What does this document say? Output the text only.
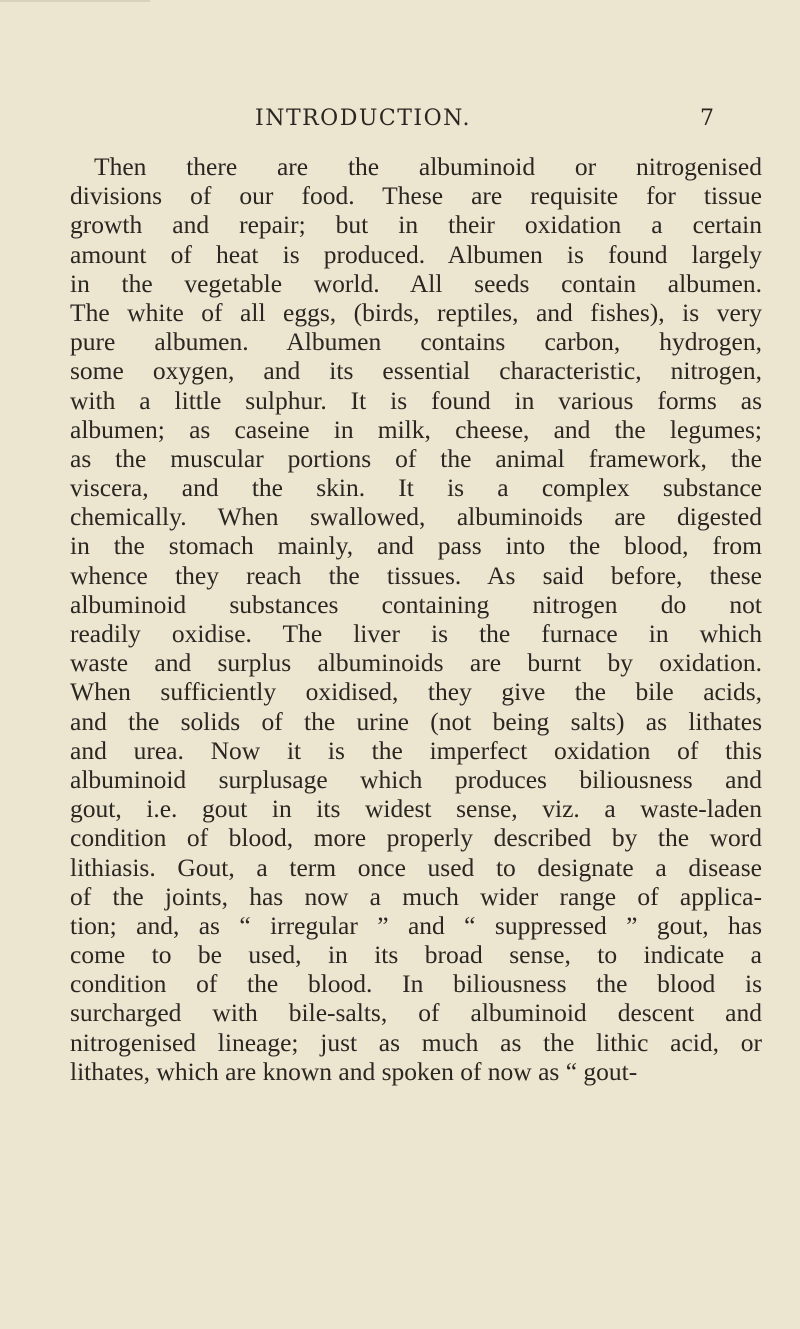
INTRODUCTION.	7
Then there are the albuminoid or nitrogenised
divisions of our food. These are requisite for tissue
growth and repair; but in their oxidation a certain
amount of heat is produced. Albumen is found largely
in the vegetable world. All seeds contain albumen.
The white of all eggs, (birds, reptiles, and fishes), is very
pure albumen. Albumen contains carbon, hydrogen,
some oxygen, and its essential characteristic, nitrogen,
with a little sulphur. It is found in various forms as
albumen; as caseine in milk, cheese, and the legumes;
as the muscular portions of the animal framework, the
viscera, and the skin. It is a complex substance
chemically. When swallowed, albuminoids are digested
in the stomach mainly, and pass into the blood, from
whence they reach the tissues. As said before, these
albuminoid substances containing nitrogen do not
readily oxidise. The liver is the furnace in which
waste and surplus albuminoids are burnt by oxidation.
When sufficiently oxidised, they give the bile acids,
and the solids of the urine (not being salts) as lithates
and urea. Now it is the imperfect oxidation of this
albuminoid surplusage which produces biliousness and
gout, i.e. gout in its widest sense, viz. a waste-laden
condition of blood, more properly described by the word
lithiasis. Gout, a term once used to designate a disease
of the joints, has now a much wider range of applica-
tion; and, as “ irregular ” and “ suppressed ” gout, has
come to be used, in its broad sense, to indicate a
condition of the blood. In biliousness the blood is
surcharged with bile-salts, of albuminoid descent and
nitrogenised lineage; just as much as the lithic acid, or
lithates, which are known and spoken of now as “ gout-
